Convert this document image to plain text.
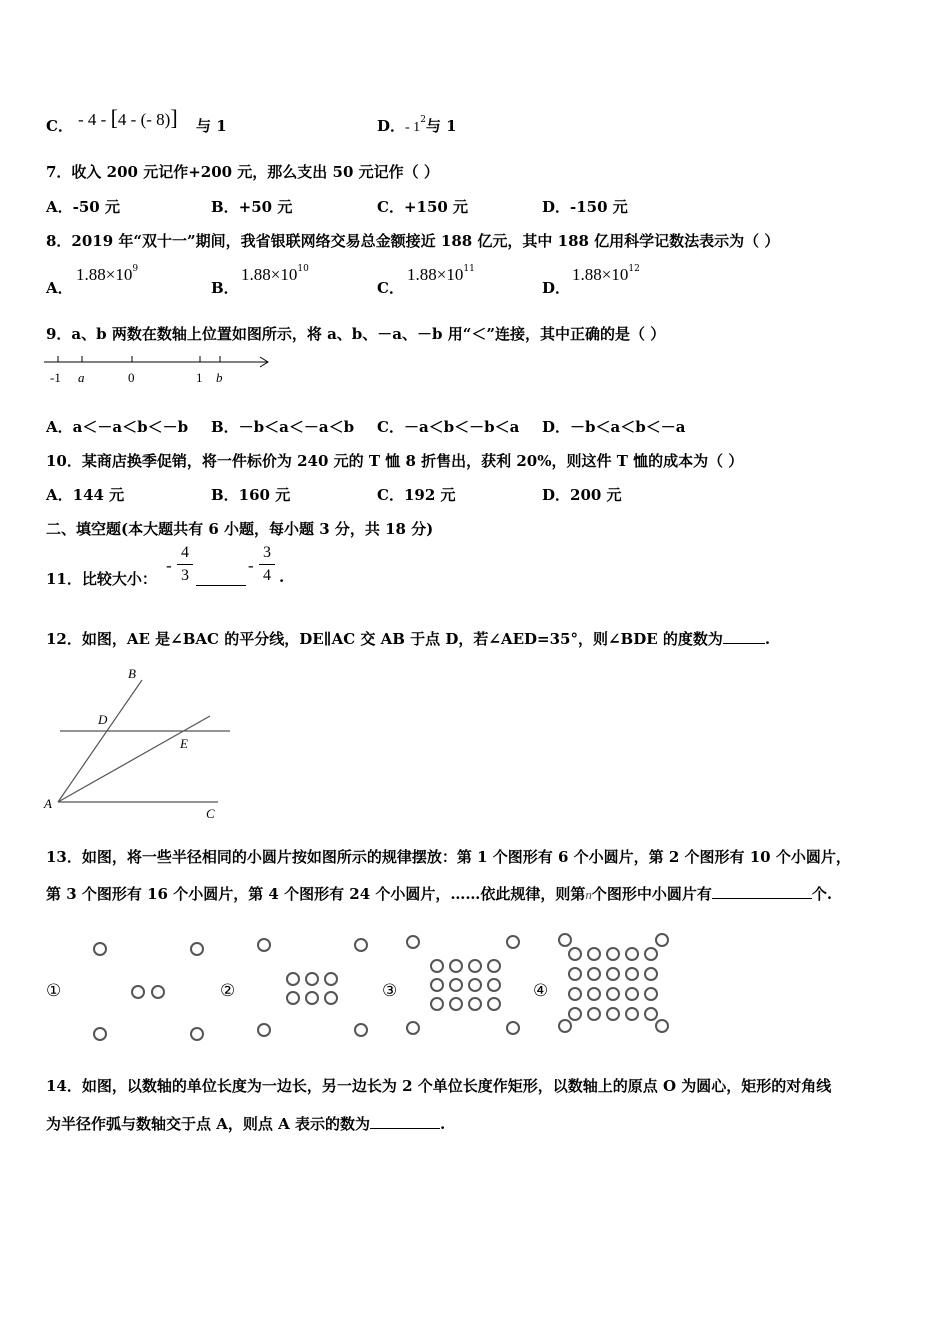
C． - 4 - [4 - (- 8)] 与 1	D．- $1^2$与 1
7．收入 200 元记作+200 元，那么支出 50 元记作（ ）
A．-50 元	B．+50 元	C．+150 元	D．-150 元
8．2019 年“双十一”期间，我省银联网络交易总金额接近 188 亿元，其中 188 亿用科学记数法表示为（ ）
A．
$1.88\times 10^9$
B．
$1.88\times 10^{10}$
C．
$1.88\times 10^{11}$
D．
$1.88\times 10^{12}$
9．a、b 两数在数轴上位置如图所示，将 a、b、－a、－b 用“＜”连接，其中正确的是（ ）
-1 a	0	1 b
A．a＜－a＜b＜－b B．－b＜a＜－a＜b C．－a＜b＜－b＜a D．－b＜a＜b＜－a
10．某商店换季促销，将一件标价为 240 元的 T 恤 8 折售出，获利 20%，则这件 T 恤的成本为（ ）
A．144 元	B．160 元	C．192 元	D．200 元
二、填空题(本大题共有 6 小题，每小题 3 分，共 18 分)
11．比较大小：
-
4
3
-
3
4 .
12．如图，AE 是∠BAC 的平分线，DE∥AC 交 AB 于点 D，若∠AED=35°，则∠BDE 的度数为	.
B
D
E
A
C
13．如图，将一些半径相同的小圆片按如图所示的规律摆放：第 1 个图形有 6 个小圆片，第 2 个图形有 10 个小圆片，
第 3 个图形有 16 个小圆片，第 4 个图形有 24 个小圆片，……依此规律，则第n个图形中小圆片有	个.
①	②	③	④
14．如图，以数轴的单位长度为一边长，另一边长为 2 个单位长度作矩形，以数轴上的原点 O 为圆心，矩形的对角线
为半径作弧与数轴交于点 A，则点 A 表示的数为	.
